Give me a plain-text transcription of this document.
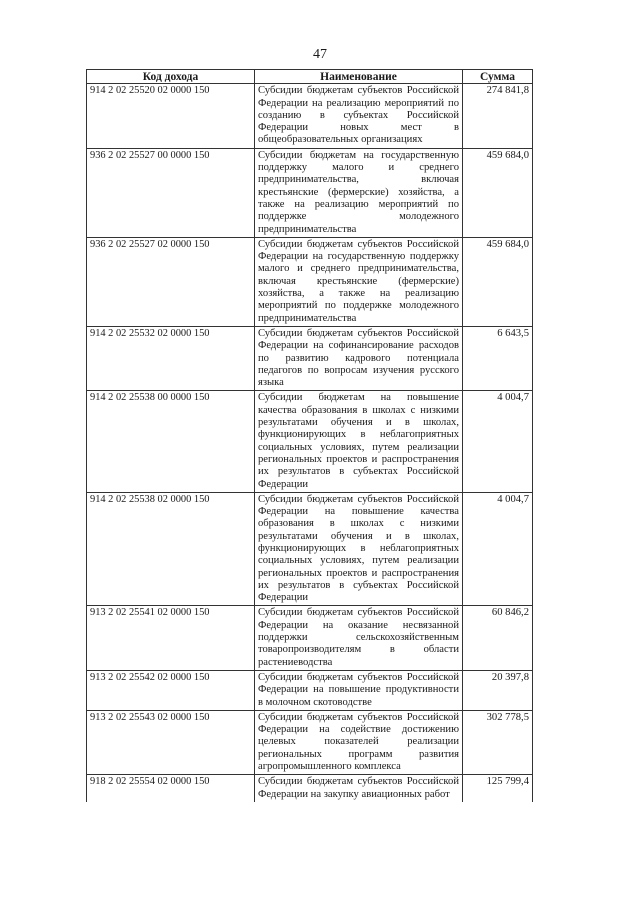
47
Код дохода	Наименование	Сумма
914 2 02 25520 02 0000 150	Субсидии бюджетам субъектов Российской Федерации на реализацию мероприятий по созданию в субъектах Российской Федерации новых мест в общеобразовательных организациях	274 841,8
936 2 02 25527 00 0000 150	Субсидии бюджетам на государственную поддержку малого и среднего предпринимательства, включая крестьянские (фермерские) хозяйства, а также на реализацию мероприятий по поддержке молодежного предпринимательства	459 684,0
936 2 02 25527 02 0000 150	Субсидии бюджетам субъектов Российской Федерации на государственную поддержку малого и среднего предпринимательства, включая крестьянские (фермерские) хозяйства, а также на реализацию мероприятий по поддержке молодежного предпринимательства	459 684,0
914 2 02 25532 02 0000 150	Субсидии бюджетам субъектов Российской Федерации на софинансирование расходов по развитию кадрового потенциала педагогов по вопросам изучения русского языка	6 643,5
914 2 02 25538 00 0000 150	Субсидии бюджетам на повышение качества образования в школах с низкими результатами обучения и в школах, функционирующих в неблагоприятных социальных условиях, путем реализации региональных проектов и распространения их результатов в субъектах Российской Федерации	4 004,7
914 2 02 25538 02 0000 150	Субсидии бюджетам субъектов Российской Федерации на повышение качества образования в школах с низкими результатами обучения и в школах, функционирующих в неблагоприятных социальных условиях, путем реализации региональных проектов и распространения их результатов в субъектах Российской Федерации	4 004,7
913 2 02 25541 02 0000 150	Субсидии бюджетам субъектов Российской Федерации на оказание несвязанной поддержки сельскохозяйственным товаропроизводителям в области растениеводства	60 846,2
913 2 02 25542 02 0000 150	Субсидии бюджетам субъектов Российской Федерации на повышение продуктивности в молочном скотоводстве	20 397,8
913 2 02 25543 02 0000 150	Субсидии бюджетам субъектов Российской Федерации на содействие достижению целевых показателей реализации региональных программ развития агропромышленного комплекса	302 778,5
918 2 02 25554 02 0000 150	Субсидии бюджетам субъектов Российской Федерации на закупку авиационных работ	125 799,4
